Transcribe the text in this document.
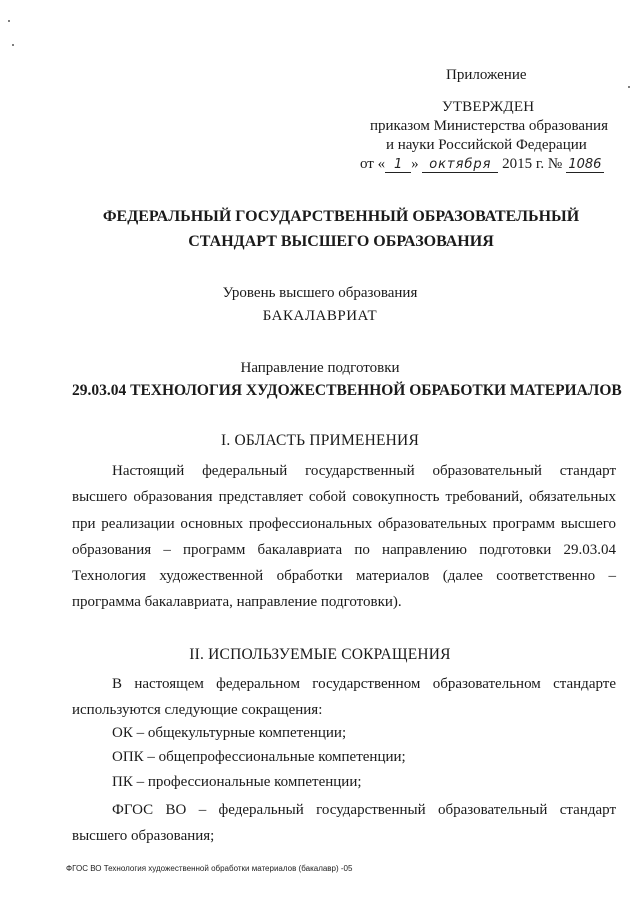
Приложение
УТВЕРЖДЕН
приказом Министерства образования
и науки Российской Федерации
от « 1 » октября 2015 г. № 1086
ФЕДЕРАЛЬНЫЙ ГОСУДАРСТВЕННЫЙ ОБРАЗОВАТЕЛЬНЫЙ СТАНДАРТ ВЫСШЕГО ОБРАЗОВАНИЯ
Уровень высшего образования
БАКАЛАВРИАТ
Направление подготовки
29.03.04 ТЕХНОЛОГИЯ ХУДОЖЕСТВЕННОЙ ОБРАБОТКИ МАТЕРИАЛОВ
I. ОБЛАСТЬ ПРИМЕНЕНИЯ
Настоящий федеральный государственный образовательный стандарт высшего образования представляет собой совокупность требований, обязательных при реализации основных профессиональных образовательных программ высшего образования – программ бакалавриата по направлению подготовки 29.03.04 Технология художественной обработки материалов (далее соответственно – программа бакалавриата, направление подготовки).
II. ИСПОЛЬЗУЕМЫЕ СОКРАЩЕНИЯ
В настоящем федеральном государственном образовательном стандарте используются следующие сокращения:
ОК – общекультурные компетенции;
ОПК – общепрофессиональные компетенции;
ПК – профессиональные компетенции;
ФГОС ВО – федеральный государственный образовательный стандарт высшего образования;
ФГОС ВО Технология художественной обработки материалов (бакалавр) -05
